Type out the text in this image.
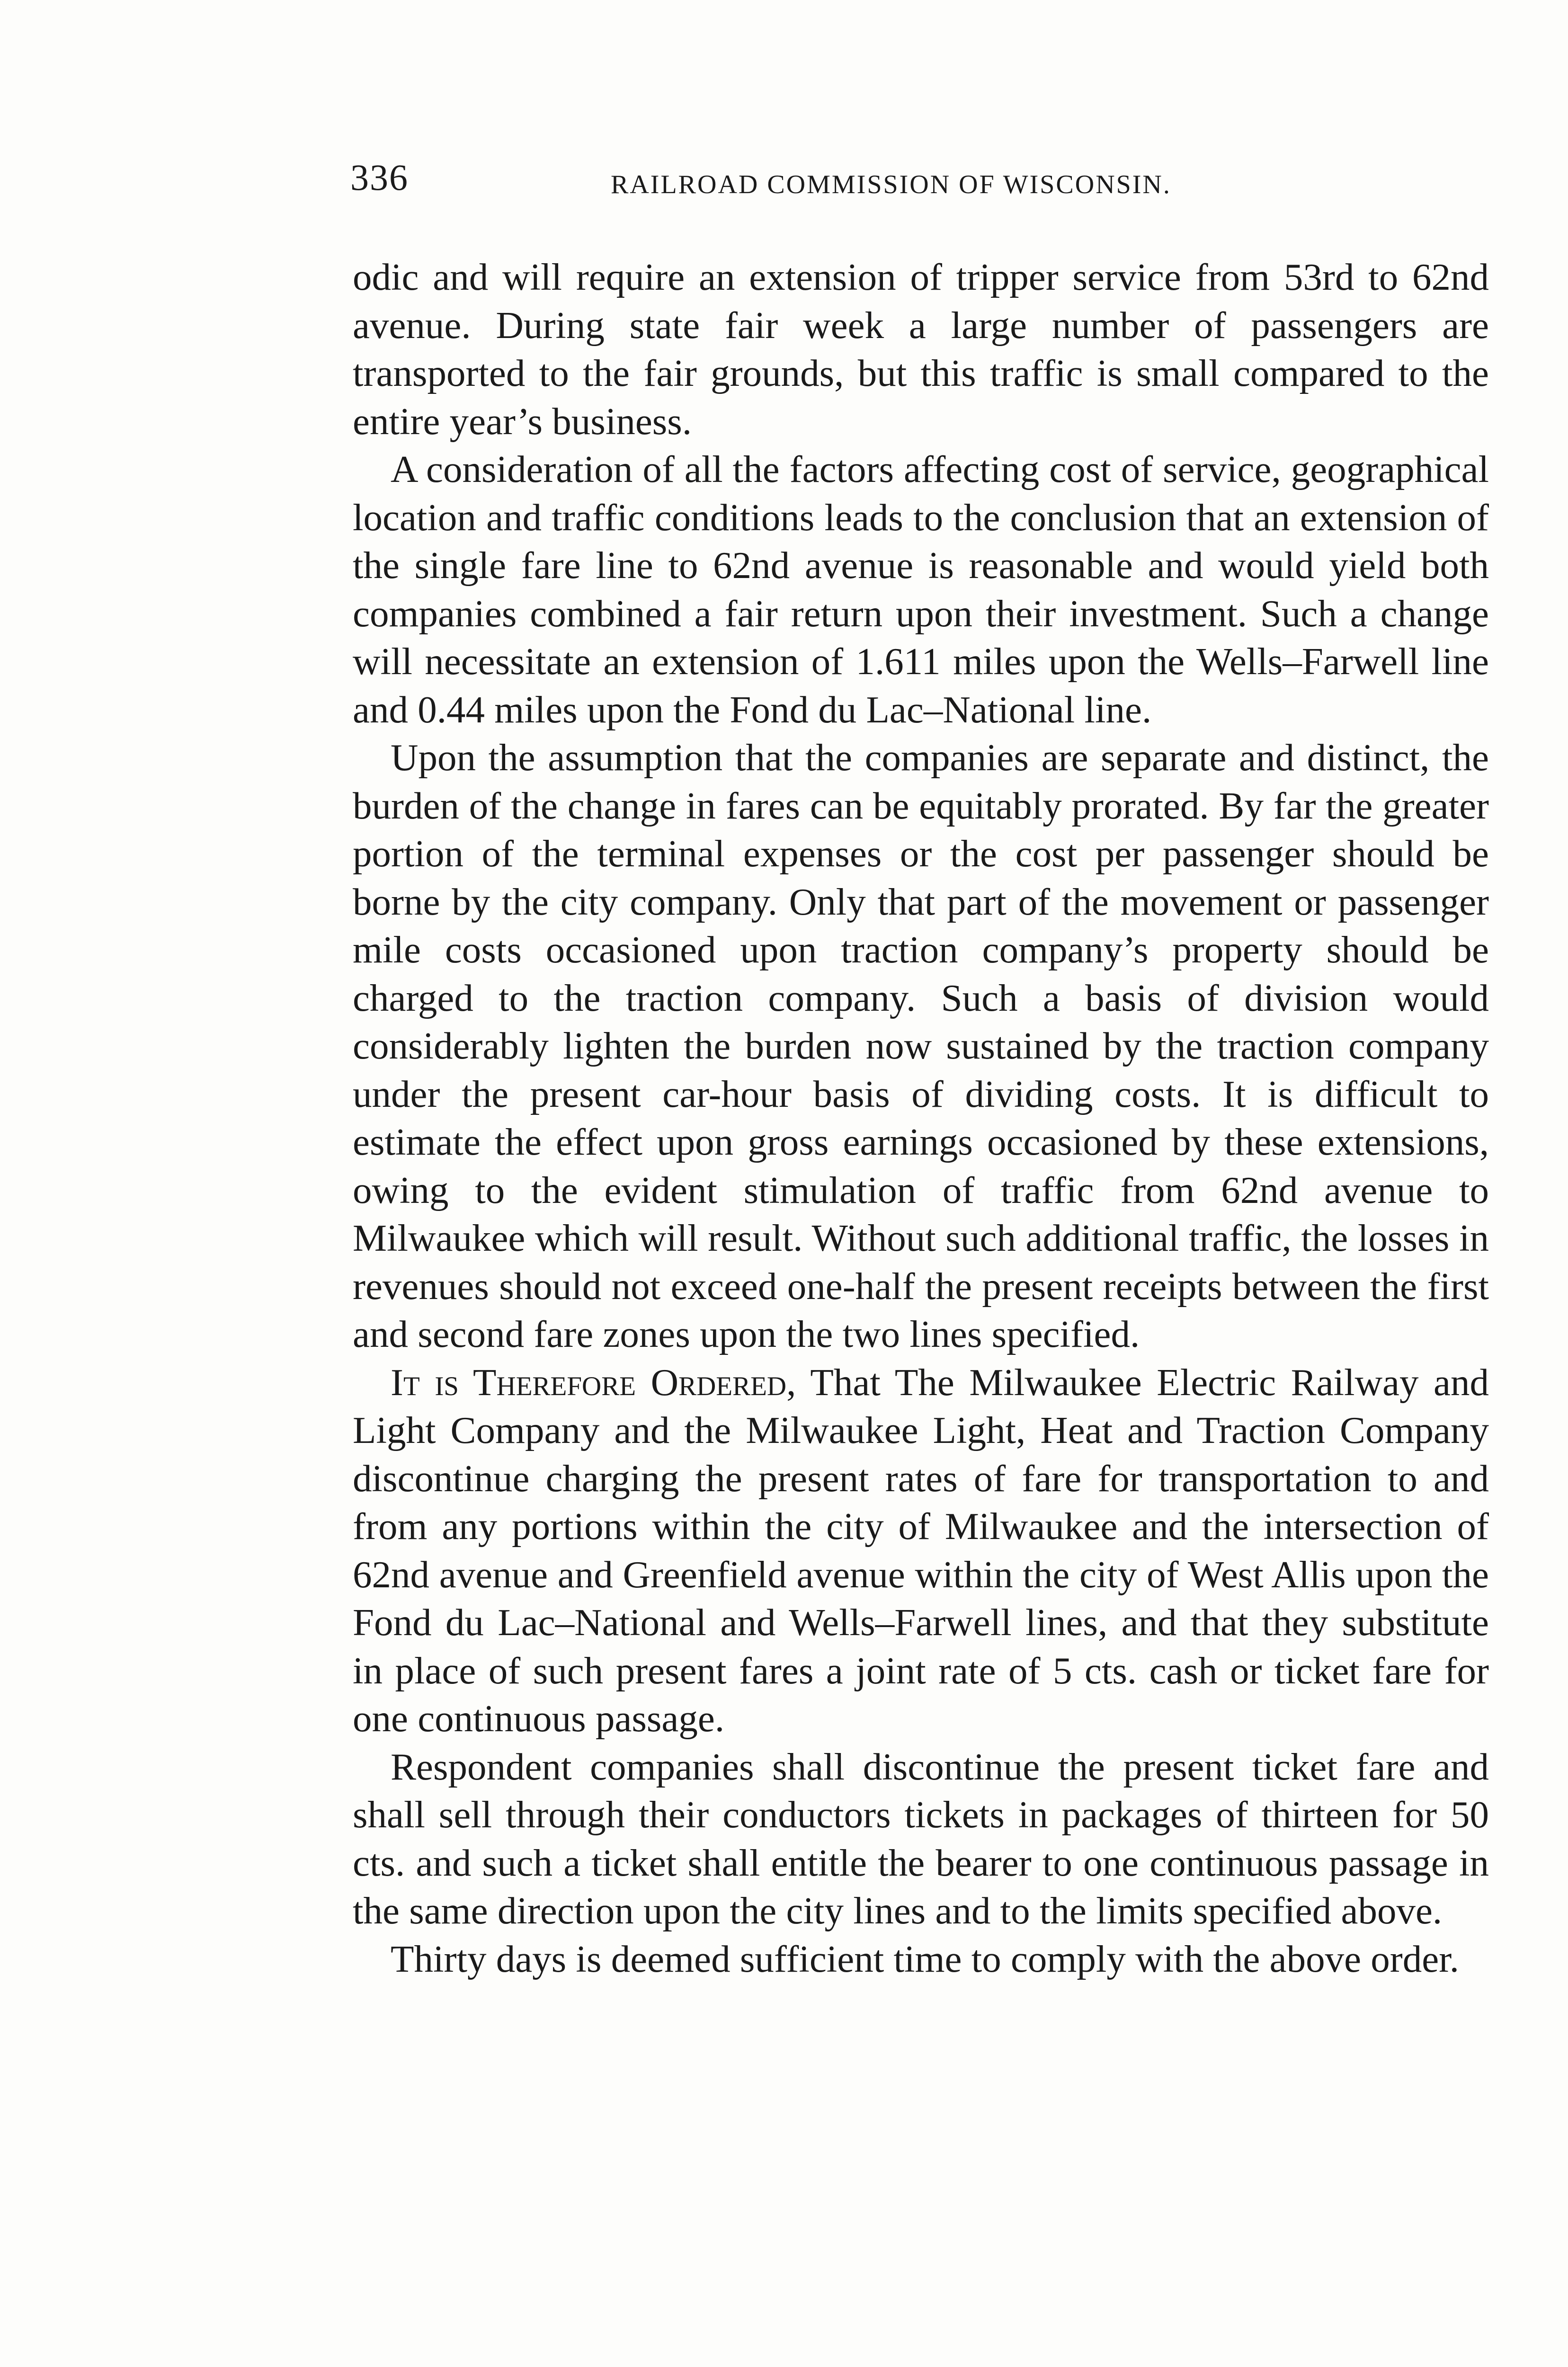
336	RAILROAD COMMISSION OF WISCONSIN.

odic and will require an extension of tripper service from 53rd to 62nd avenue. During state fair week a large number of passengers are transported to the fair grounds, but this traffic is small compared to the entire year’s business.

A consideration of all the factors affecting cost of service, geographical location and traffic conditions leads to the conclusion that an extension of the single fare line to 62nd avenue is reasonable and would yield both companies combined a fair return upon their investment. Such a change will necessitate an extension of 1.611 miles upon the Wells–Farwell line and 0.44 miles upon the Fond du Lac–National line.

Upon the assumption that the companies are separate and distinct, the burden of the change in fares can be equitably prorated. By far the greater portion of the terminal expenses or the cost per passenger should be borne by the city company. Only that part of the movement or passenger mile costs occasioned upon traction company’s property should be charged to the traction company. Such a basis of division would considerably lighten the burden now sustained by the traction company under the present car-hour basis of dividing costs. It is difficult to estimate the effect upon gross earnings occasioned by these extensions, owing to the evident stimulation of traffic from 62nd avenue to Milwaukee which will result. Without such additional traffic, the losses in revenues should not exceed one-half the present receipts between the first and second fare zones upon the two lines specified.

It is Therefore Ordered, That The Milwaukee Electric Railway and Light Company and the Milwaukee Light, Heat and Traction Company discontinue charging the present rates of fare for transportation to and from any portions within the city of Milwaukee and the intersection of 62nd avenue and Greenfield avenue within the city of West Allis upon the Fond du Lac–National and Wells–Farwell lines, and that they substitute in place of such present fares a joint rate of 5 cts. cash or ticket fare for one continuous passage.

Respondent companies shall discontinue the present ticket fare and shall sell through their conductors tickets in packages of thirteen for 50 cts. and such a ticket shall entitle the bearer to one continuous passage in the same direction upon the city lines and to the limits specified above.

Thirty days is deemed sufficient time to comply with the above order.
